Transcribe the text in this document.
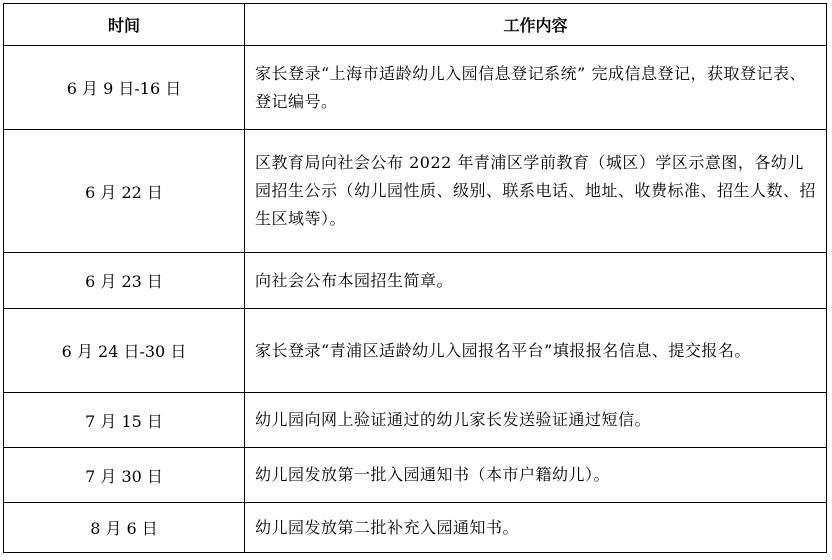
时间	工作内容
6 月 9 日-16 日	家长登录“上海市适龄幼儿入园信息登记系统” 完成信息登记，获取登记表、登记编号。
6 月 22 日	区教育局向社会公布 2022 年青浦区学前教育（城区）学区示意图，各幼儿园招生公示（幼儿园性质、级别、联系电话、地址、收费标准、招生人数、招生区域等）。
6 月 23 日	向社会公布本园招生简章。
6 月 24 日-30 日	家长登录“青浦区适龄幼儿入园报名平台”填报报名信息、提交报名。
7 月 15 日	幼儿园向网上验证通过的幼儿家长发送验证通过短信。
7 月 30 日	幼儿园发放第一批入园通知书（本市户籍幼儿）。
8 月 6 日	幼儿园发放第二批补充入园通知书。
